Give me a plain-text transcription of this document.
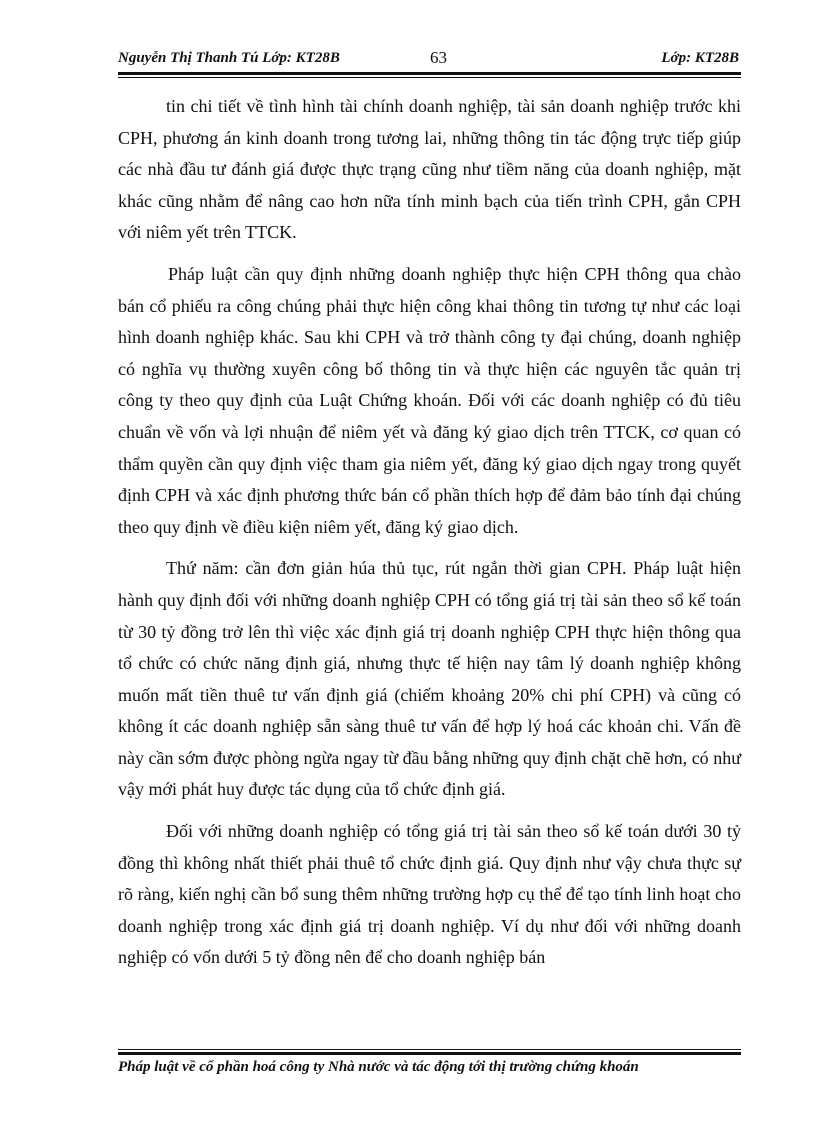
Nguyễn Thị Thanh Tú Lớp: KT28B	63	Lớp: KT28B

tin chi tiết về tình hình tài chính doanh nghiệp, tài sản doanh nghiệp trước khi CPH, phương án kinh doanh trong tương lai, những thông tin tác động trực tiếp giúp các nhà đầu tư đánh giá được thực trạng cũng như tiềm năng của doanh nghiệp, mặt khác cũng nhằm để nâng cao hơn nữa tính minh bạch của tiến trình CPH, gắn CPH với niêm yết trên TTCK.

Pháp luật cần quy định những doanh nghiệp thực hiện CPH thông qua chào bán cổ phiếu ra công chúng phải thực hiện công khai thông tin tương tự như các loại hình doanh nghiệp khác. Sau khi CPH và trở thành công ty đại chúng, doanh nghiệp có nghĩa vụ thường xuyên công bố thông tin và thực hiện các nguyên tắc quản trị công ty theo quy định của Luật Chứng khoán. Đối với các doanh nghiệp có đủ tiêu chuẩn về vốn và lợi nhuận để niêm yết và đăng ký giao dịch trên TTCK, cơ quan có thẩm quyền cần quy định việc tham gia niêm yết, đăng ký giao dịch ngay trong quyết định CPH và xác định phương thức bán cổ phần thích hợp để đảm bảo tính đại chúng theo quy định về điều kiện niêm yết, đăng ký giao dịch.

Thứ năm: cần đơn giản húa thủ tục, rút ngắn thời gian CPH. Pháp luật hiện hành quy định đối với những doanh nghiệp CPH có tổng giá trị tài sản theo sổ kế toán từ 30 tỷ đồng trở lên thì việc xác định giá trị doanh nghiệp CPH thực hiện thông qua tổ chức có chức năng định giá, nhưng thực tế hiện nay tâm lý doanh nghiệp không muốn mất tiền thuê tư vấn định giá (chiếm khoảng 20% chi phí CPH) và cũng có không ít các doanh nghiệp sẵn sàng thuê tư vấn để hợp lý hoá các khoản chi. Vấn đề này cần sớm được phòng ngừa ngay từ đầu bằng những quy định chặt chẽ hơn, có như vậy mới phát huy được tác dụng của tổ chức định giá.

Đối với những doanh nghiệp có tổng giá trị tài sản theo sổ kế toán dưới 30 tỷ đồng thì không nhất thiết phải thuê tổ chức định giá. Quy định như vậy chưa thực sự rõ ràng, kiến nghị cần bổ sung thêm những trường hợp cụ thể để tạo tính linh hoạt cho doanh nghiệp trong xác định giá trị doanh nghiệp. Ví dụ như đối với những doanh nghiệp có vốn dưới 5 tỷ đồng nên để cho doanh nghiệp bán

Pháp luật về cổ phần hoá công ty Nhà nước và tác động tới thị trường chứng khoán
